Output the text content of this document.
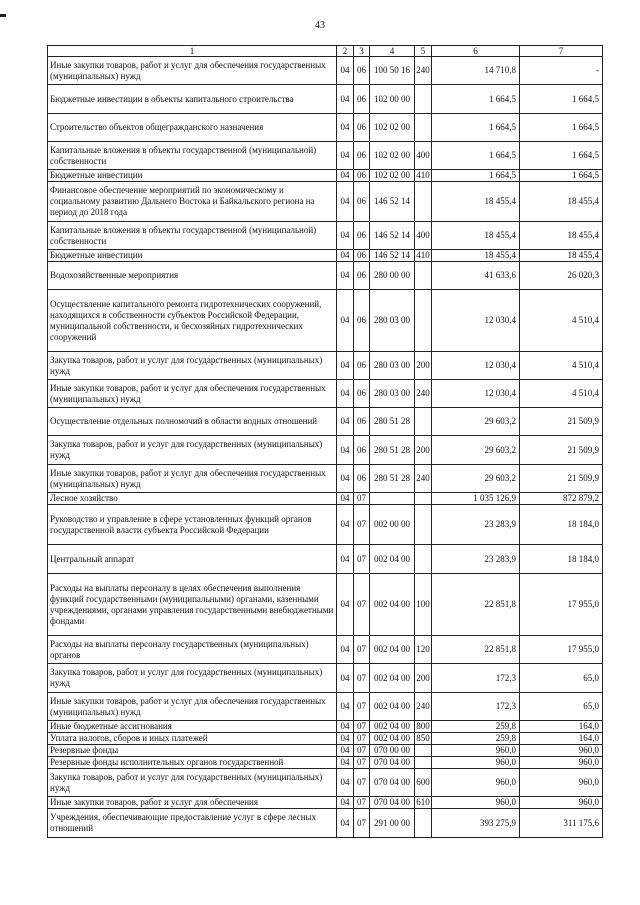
43
1	2	3	4	5	6	7
Иные закупки товаров, работ и услуг для обеспечения государственных (муниципальных) нужд	04	06	100 50 16	240	14 710,8	-
Бюджетные инвестиции в объекты капитального строительства	04	06	102 00 00		1 664,5	1 664,5
Строительство объектов общегражданского назначения	04	06	102 02 00		1 664,5	1 664,5
Капитальные вложения в объекты государственной (муниципальной) собственности	04	06	102 02 00	400	1 664,5	1 664,5
Бюджетные инвестиции	04	06	102 02 00	410	1 664,5	1 664,5
Финансовое обеспечение мероприятий по экономическому и социальному развитию Дальнего Востока и Байкальского региона на период до 2018 года	04	06	146 52 14		18 455,4	18 455,4
Капитальные вложения в объекты государственной (муниципальной) собственности	04	06	146 52 14	400	18 455,4	18 455,4
Бюджетные инвестиции	04	06	146 52 14	410	18 455,4	18 455,4
Водохозяйственные мероприятия	04	06	280 00 00		41 633,6	26 020,3
Осуществление капитального ремонта гидротехнических сооружений, находящихся в собственности субъектов Российской Федерации, муниципальной собственности, и бесхозяйных гидротехнических сооружений	04	06	280 03 00		12 030,4	4 510,4
Закупка товаров, работ и услуг для государственных (муниципальных) нужд	04	06	280 03 00	200	12 030,4	4 510,4
Иные закупки товаров, работ и услуг для обеспечения государственных (муниципальных) нужд	04	06	280 03 00	240	12 030,4	4 510,4
Осуществление отдельных полномочий в области водных отношений	04	06	280 51 28		29 603,2	21 509,9
Закупка товаров, работ и услуг для государственных (муниципальных) нужд	04	06	280 51 28	200	29 603,2	21 509,9
Иные закупки товаров, работ и услуг для обеспечения государственных (муниципальных) нужд	04	06	280 51 28	240	29 603,2	21 509,9
Лесное хозяйство	04	07			1 035 126,9	872 879,2
Руководство и управление в сфере установленных функций органов государственной власти субъекта Российской Федерации	04	07	002 00 00		23 283,9	18 184,0
Центральный аппарат	04	07	002 04 00		23 283,9	18 184,0
Расходы на выплаты персоналу в целях обеспечения выполнения функций государственными (муниципальными) органами, казенными учреждениями, органами управления государственными внебюджетными фондами	04	07	002 04 00	100	22 851,8	17 955,0
Расходы на выплаты персоналу государственных (муниципальных) органов	04	07	002 04 00	120	22 851,8	17 955,0
Закупка товаров, работ и услуг для государственных (муниципальных) нужд	04	07	002 04 00	200	172,3	65,0
Иные закупки товаров, работ и услуг для обеспечения государственных (муниципальных) нужд	04	07	002 04 00	240	172,3	65,0
Иные бюджетные ассигнования	04	07	002 04 00	800	259,8	164,0
Уплата налогов, сборов и иных платежей	04	07	002 04 00	850	259,8	164,0
Резервные фонды	04	07	070 00 00		960,0	960,0
Резервные фонды исполнительных органов государственной	04	07	070 04 00		960,0	960,0
Закупка товаров, работ и услуг для государственных (муниципальных) нужд	04	07	070 04 00	600	960,0	960,0
Иные закупки товаров, работ и услуг для обеспечения	04	07	070 04 00	610	960,0	960,0
Учреждения, обеспечивающие предоставление услуг в сфере лесных отношений	04	07	291 00 00		393 275,9	311 175,6
